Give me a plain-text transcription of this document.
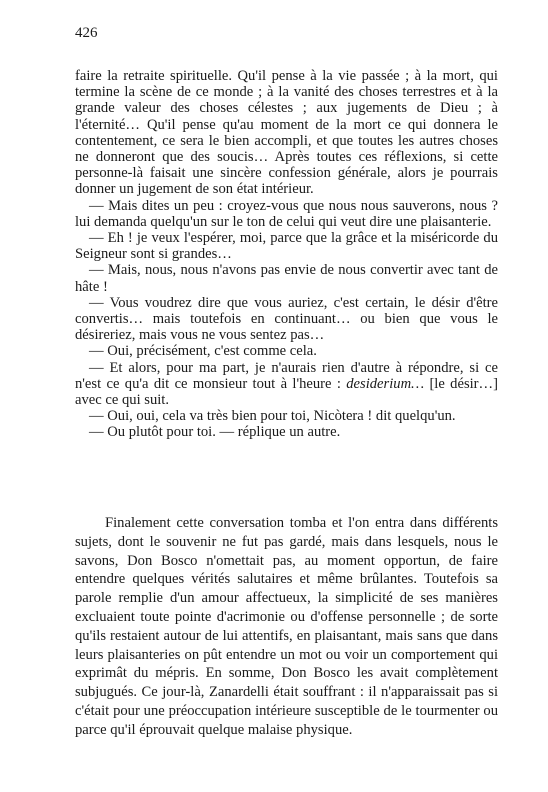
426

faire la retraite spirituelle. Qu'il pense à la vie passée ; à la mort, qui termine la scène de ce monde ; à la vanité des choses terrestres et à la grande valeur des choses célestes ; aux jugements de Dieu ; à l'éternité… Qu'il pense qu'au moment de la mort ce qui donnera le contentement, ce sera le bien accompli, et que toutes les autres choses ne donneront que des soucis… Après toutes ces réflexions, si cette personne-là faisait une sincère confession générale, alors je pourrais donner un jugement de son état intérieur.

— Mais dites un peu : croyez-vous que nous nous sauverons, nous ? lui demanda quelqu'un sur le ton de celui qui veut dire une plaisanterie.

— Eh ! je veux l'espérer, moi, parce que la grâce et la miséricorde du Seigneur sont si grandes…

— Mais, nous, nous n'avons pas envie de nous convertir avec tant de hâte !

— Vous voudrez dire que vous auriez, c'est certain, le désir d'être convertis… mais toutefois en continuant… ou bien que vous le désireriez, mais vous ne vous sentez pas…

— Oui, précisément, c'est comme cela.

— Et alors, pour ma part, je n'aurais rien d'autre à répondre, si ce n'est ce qu'a dit ce monsieur tout à l'heure : desiderium… [le désir…] avec ce qui suit.

— Oui, oui, cela va très bien pour toi, Nicòtera ! dit quelqu'un.

— Ou plutôt pour toi. — réplique un autre.

Finalement cette conversation tomba et l'on entra dans différents sujets, dont le souvenir ne fut pas gardé, mais dans lesquels, nous le savons, Don Bosco n'omettait pas, au moment opportun, de faire entendre quelques vérités salutaires et même brûlantes. Toutefois sa parole remplie d'un amour affectueux, la simplicité de ses manières excluaient toute pointe d'acrimonie ou d'offense personnelle ; de sorte qu'ils restaient autour de lui attentifs, en plaisantant, mais sans que dans leurs plaisanteries on pût entendre un mot ou voir un comportement qui exprimât du mépris. En somme, Don Bosco les avait complètement subjugués. Ce jour-là, Zanardelli était souffrant : il n'apparaissait pas si c'était pour une préoccupation intérieure susceptible de le tourmenter ou parce qu'il éprouvait quelque malaise physique.
